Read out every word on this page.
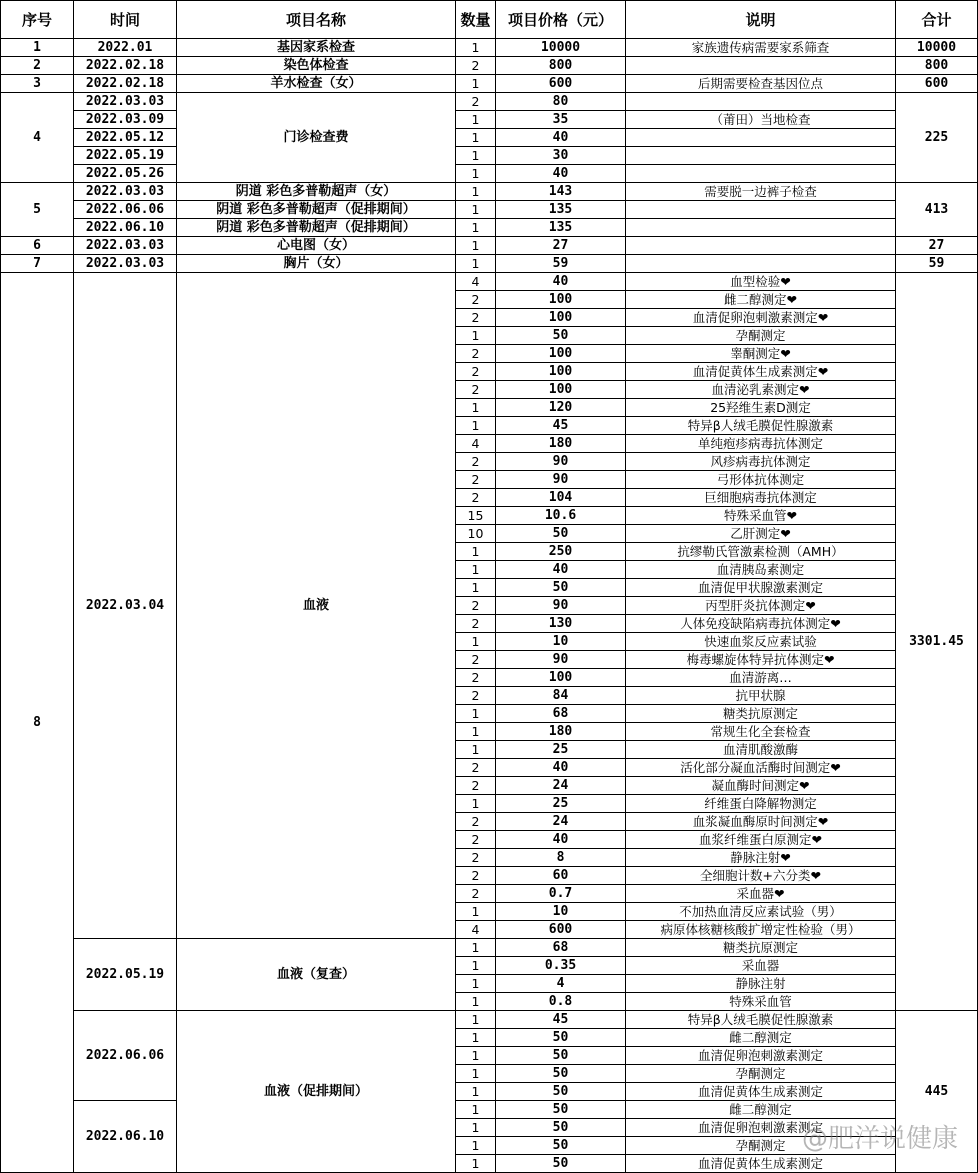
序号	时间	项目名称	数量	项目价格（元）	说明	合计
1	2022.01	基因家系检查	1	10000	家族遗传病需要家系筛查	10000
2	2022.02.18	染色体检查	2	800		800
3	2022.02.18	羊水检查（女）	1	600	后期需要检查基因位点	600
4	2022.03.03	门诊检查费	2	80		225
	2022.03.09		1	35	（莆田）当地检查	
	2022.05.12		1	40		
	2022.05.19		1	30		
	2022.05.26		1	40		
5	2022.03.03	阴道 彩色多普勒超声（女）	1	143	需要脱一边裤子检查	413
	2022.06.06	阴道 彩色多普勒超声（促排期间）	1	135		
	2022.06.10	阴道 彩色多普勒超声（促排期间）	1	135		
6	2022.03.03	心电图（女）	1	27		27
7	2022.03.03	胸片（女）	1	59		59
8	2022.03.04	血液	4	40	血型检验❤	3301.45
			2	100	雌二醇测定❤	
			2	100	血清促卵泡刺激素测定❤	
			1	50	孕酮测定	
			2	100	睾酮测定❤	
			2	100	血清促黄体生成素测定❤	
			2	100	血清泌乳素测定❤	
			1	120	25羟维生素D测定	
			1	45	特异β人绒毛膜促性腺激素	
			4	180	单纯疱疹病毒抗体测定	
			2	90	风疹病毒抗体测定	
			2	90	弓形体抗体测定	
			2	104	巨细胞病毒抗体测定	
			15	10.6	特殊采血管❤	
			10	50	乙肝测定❤	
			1	250	抗缪勒氏管激素检测（AMH）	
			1	40	血清胰岛素测定	
			1	50	血清促甲状腺激素测定	
			2	90	丙型肝炎抗体测定❤	
			2	130	人体免疫缺陷病毒抗体测定❤	
			1	10	快速血浆反应素试验	
			2	90	梅毒螺旋体特异抗体测定❤	
			2	100	血清游离…	
			2	84	抗甲状腺	
			1	68	糖类抗原测定	
			1	180	常规生化全套检查	
			1	25	血清肌酸激酶	
			2	40	活化部分凝血活酶时间测定❤	
			2	24	凝血酶时间测定❤	
			1	25	纤维蛋白降解物测定	
			2	24	血浆凝血酶原时间测定❤	
			2	40	血浆纤维蛋白原测定❤	
			2	8	静脉注射❤	
			2	60	全细胞计数+六分类❤	
			2	0.7	采血器❤	
			1	10	不加热血清反应素试验（男）	
			4	600	病原体核糖核酸扩增定性检验（男）	
	2022.05.19	血液（复查）	1	68	糖类抗原测定	
			1	0.35	采血器	
			1	4	静脉注射	
			1	0.8	特殊采血管	
	2022.06.06	血液（促排期间）	1	45	特异β人绒毛膜促性腺激素	445
			1	50	雌二醇测定	
			1	50	血清促卵泡刺激素测定	
			1	50	孕酮测定	
			1	50	血清促黄体生成素测定	
	2022.06.10		1	50	雌二醇测定	
			1	50	血清促卵泡刺激素测定	
			1	50	孕酮测定	
			1	50	血清促黄体生成素测定	
@肥洋说健康
